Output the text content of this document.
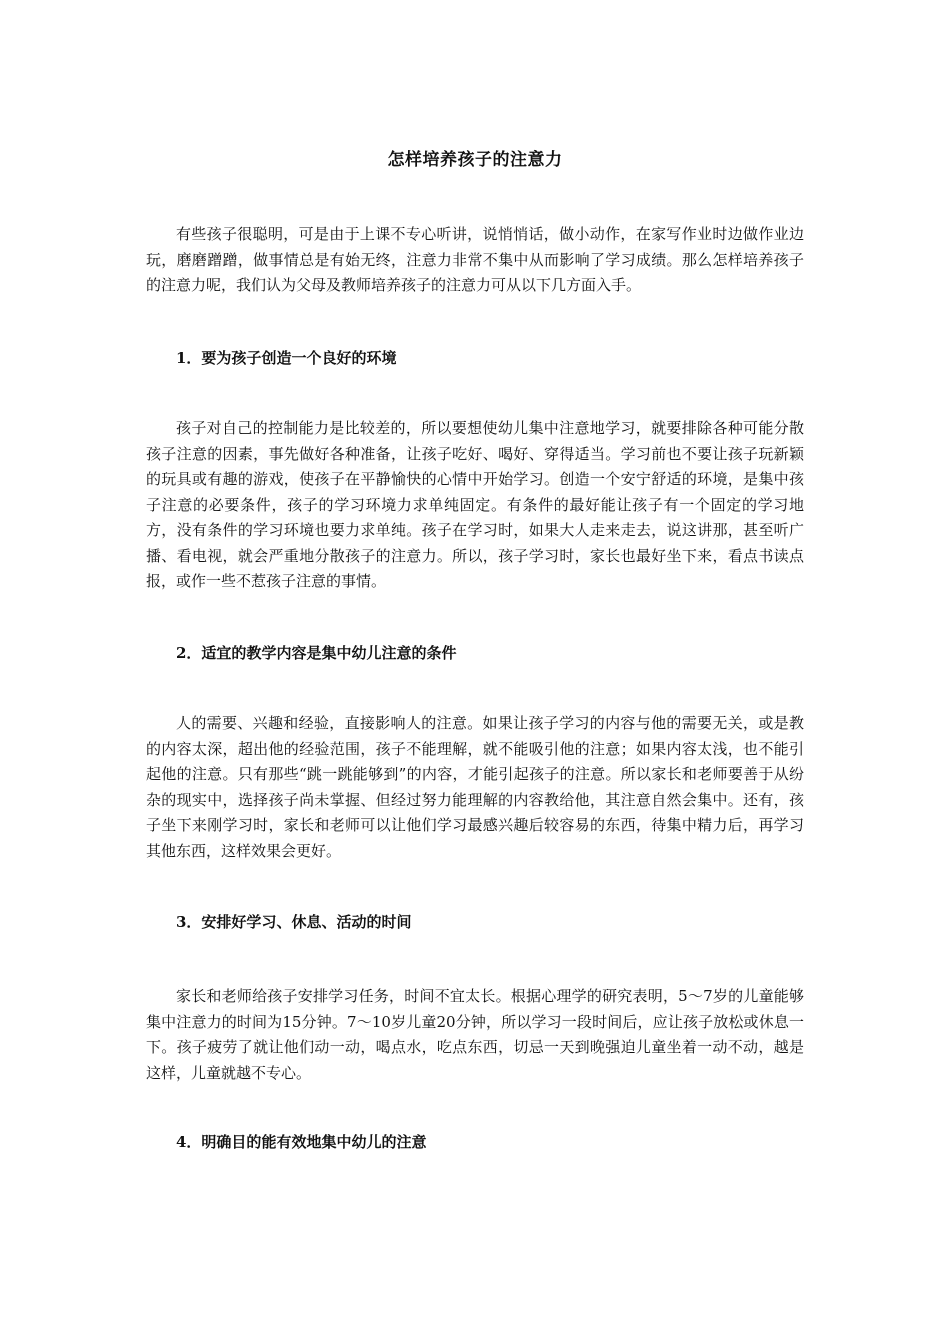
怎样培养孩子的注意力

有些孩子很聪明，可是由于上课不专心听讲，说悄悄话，做小动作，在家写作业时边做作业边玩，磨磨蹭蹭，做事情总是有始无终，注意力非常不集中从而影响了学习成绩。那么怎样培养孩子的注意力呢，我们认为父母及教师培养孩子的注意力可从以下几方面入手。

1．要为孩子创造一个良好的环境

孩子对自己的控制能力是比较差的，所以要想使幼儿集中注意地学习，就要排除各种可能分散孩子注意的因素，事先做好各种准备，让孩子吃好、喝好、穿得适当。学习前也不要让孩子玩新颖的玩具或有趣的游戏，使孩子在平静愉快的心情中开始学习。创造一个安宁舒适的环境，是集中孩子注意的必要条件，孩子的学习环境力求单纯固定。有条件的最好能让孩子有一个固定的学习地方，没有条件的学习环境也要力求单纯。孩子在学习时，如果大人走来走去，说这讲那，甚至听广播、看电视，就会严重地分散孩子的注意力。所以，孩子学习时，家长也最好坐下来，看点书读点报，或作一些不惹孩子注意的事情。

2．适宜的教学内容是集中幼儿注意的条件

人的需要、兴趣和经验，直接影响人的注意。如果让孩子学习的内容与他的需要无关，或是教的内容太深，超出他的经验范围，孩子不能理解，就不能吸引他的注意；如果内容太浅，也不能引起他的注意。只有那些“跳一跳能够到”的内容，才能引起孩子的注意。所以家长和老师要善于从纷杂的现实中，选择孩子尚未掌握、但经过努力能理解的内容教给他，其注意自然会集中。还有，孩子坐下来刚学习时，家长和老师可以让他们学习最感兴趣后较容易的东西，待集中精力后，再学习其他东西，这样效果会更好。

3．安排好学习、休息、活动的时间

家长和老师给孩子安排学习任务，时间不宜太长。根据心理学的研究表明，5～7岁的儿童能够集中注意力的时间为15分钟。7～10岁儿童20分钟，所以学习一段时间后，应让孩子放松或休息一下。孩子疲劳了就让他们动一动，喝点水，吃点东西，切忌一天到晚强迫儿童坐着一动不动，越是这样，儿童就越不专心。

4．明确目的能有效地集中幼儿的注意
